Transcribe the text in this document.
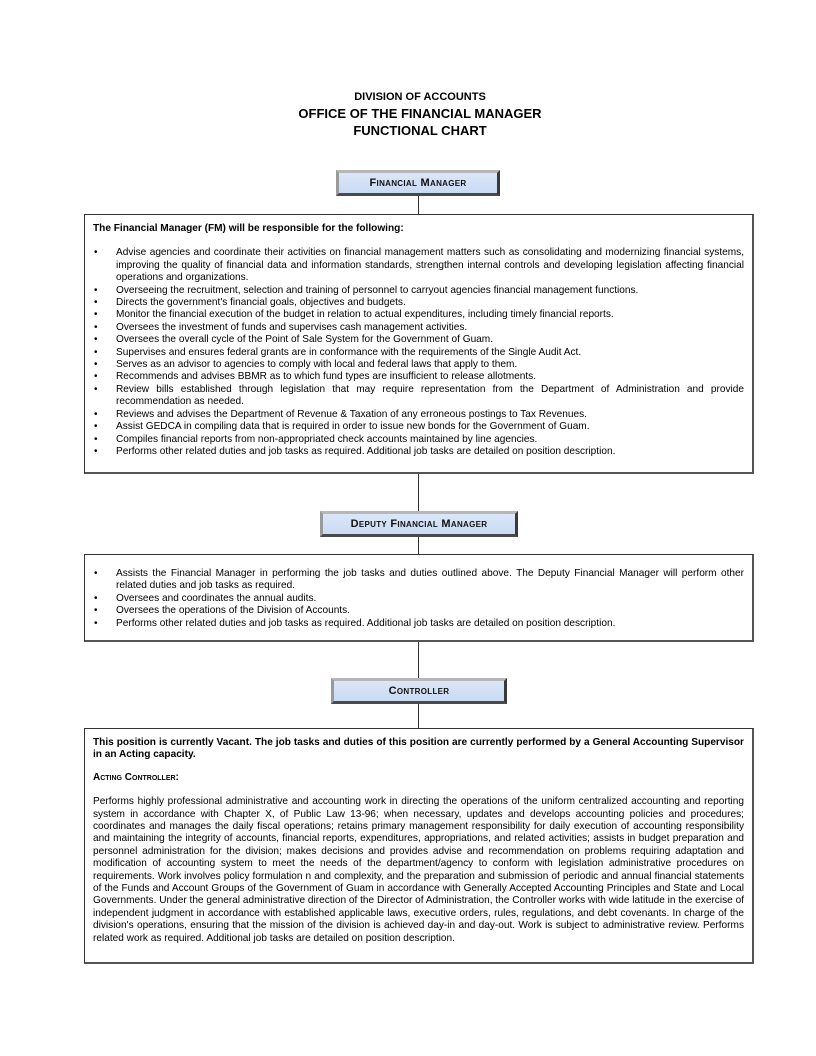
DIVISION OF ACCOUNTS
OFFICE OF THE FINANCIAL MANAGER
FUNCTIONAL CHART
Financial Manager

The Financial Manager (FM) will be responsible for the following:

• Advise agencies and coordinate their activities on financial management matters such as consolidating and modernizing financial systems, improving the quality of financial data and information standards, strengthen internal controls and developing legislation affecting financial operations and organizations.
• Overseeing the recruitment, selection and training of personnel to carryout agencies financial management functions.
• Directs the government's financial goals, objectives and budgets.
• Monitor the financial execution of the budget in relation to actual expenditures, including timely financial reports.
• Oversees the investment of funds and supervises cash management activities.
• Oversees the overall cycle of the Point of Sale System for the Government of Guam.
• Supervises and ensures federal grants are in conformance with the requirements of the Single Audit Act.
• Serves as an advisor to agencies to comply with local and federal laws that apply to them.
• Recommends and advises BBMR as to which fund types are insufficient to release allotments.
• Review bills established through legislation that may require representation from the Department of Administration and provide recommendation as needed.
• Reviews and advises the Department of Revenue & Taxation of any erroneous postings to Tax Revenues.
• Assist GEDCA in compiling data that is required in order to issue new bonds for the Government of Guam.
• Compiles financial reports from non-appropriated check accounts maintained by line agencies.
• Performs other related duties and job tasks as required. Additional job tasks are detailed on position description.
Deputy Financial Manager
• Assists the Financial Manager in performing the job tasks and duties outlined above. The Deputy Financial Manager will perform other related duties and job tasks as required.
• Oversees and coordinates the annual audits.
• Oversees the operations of the Division of Accounts.
• Performs other related duties and job tasks as required. Additional job tasks are detailed on position description.
Controller

This position is currently Vacant. The job tasks and duties of this position are currently performed by a General Accounting Supervisor in an Acting capacity.

Acting Controller:

Performs highly professional administrative and accounting work in directing the operations of the uniform centralized accounting and reporting system in accordance with Chapter X, of Public Law 13-96; when necessary, updates and develops accounting policies and procedures; coordinates and manages the daily fiscal operations; retains primary management responsibility for daily execution of accounting responsibility and maintaining the integrity of accounts, financial reports, expenditures, appropriations, and related activities; assists in budget preparation and personnel administration for the division; makes decisions and provides advise and recommendation on problems requiring adaptation and modification of accounting system to meet the needs of the department/agency to conform with legislation administrative procedures on requirements. Work involves policy formulation n and complexity, and the preparation and submission of periodic and annual financial statements of the Funds and Account Groups of the Government of Guam in accordance with Generally Accepted Accounting Principles and State and Local Governments. Under the general administrative direction of the Director of Administration, the Controller works with wide latitude in the exercise of independent judgment in accordance with established applicable laws, executive orders, rules, regulations, and debt covenants. In charge of the division's operations, ensuring that the mission of the division is achieved day-in and day-out. Work is subject to administrative review. Performs related work as required. Additional job tasks are detailed on position description.
